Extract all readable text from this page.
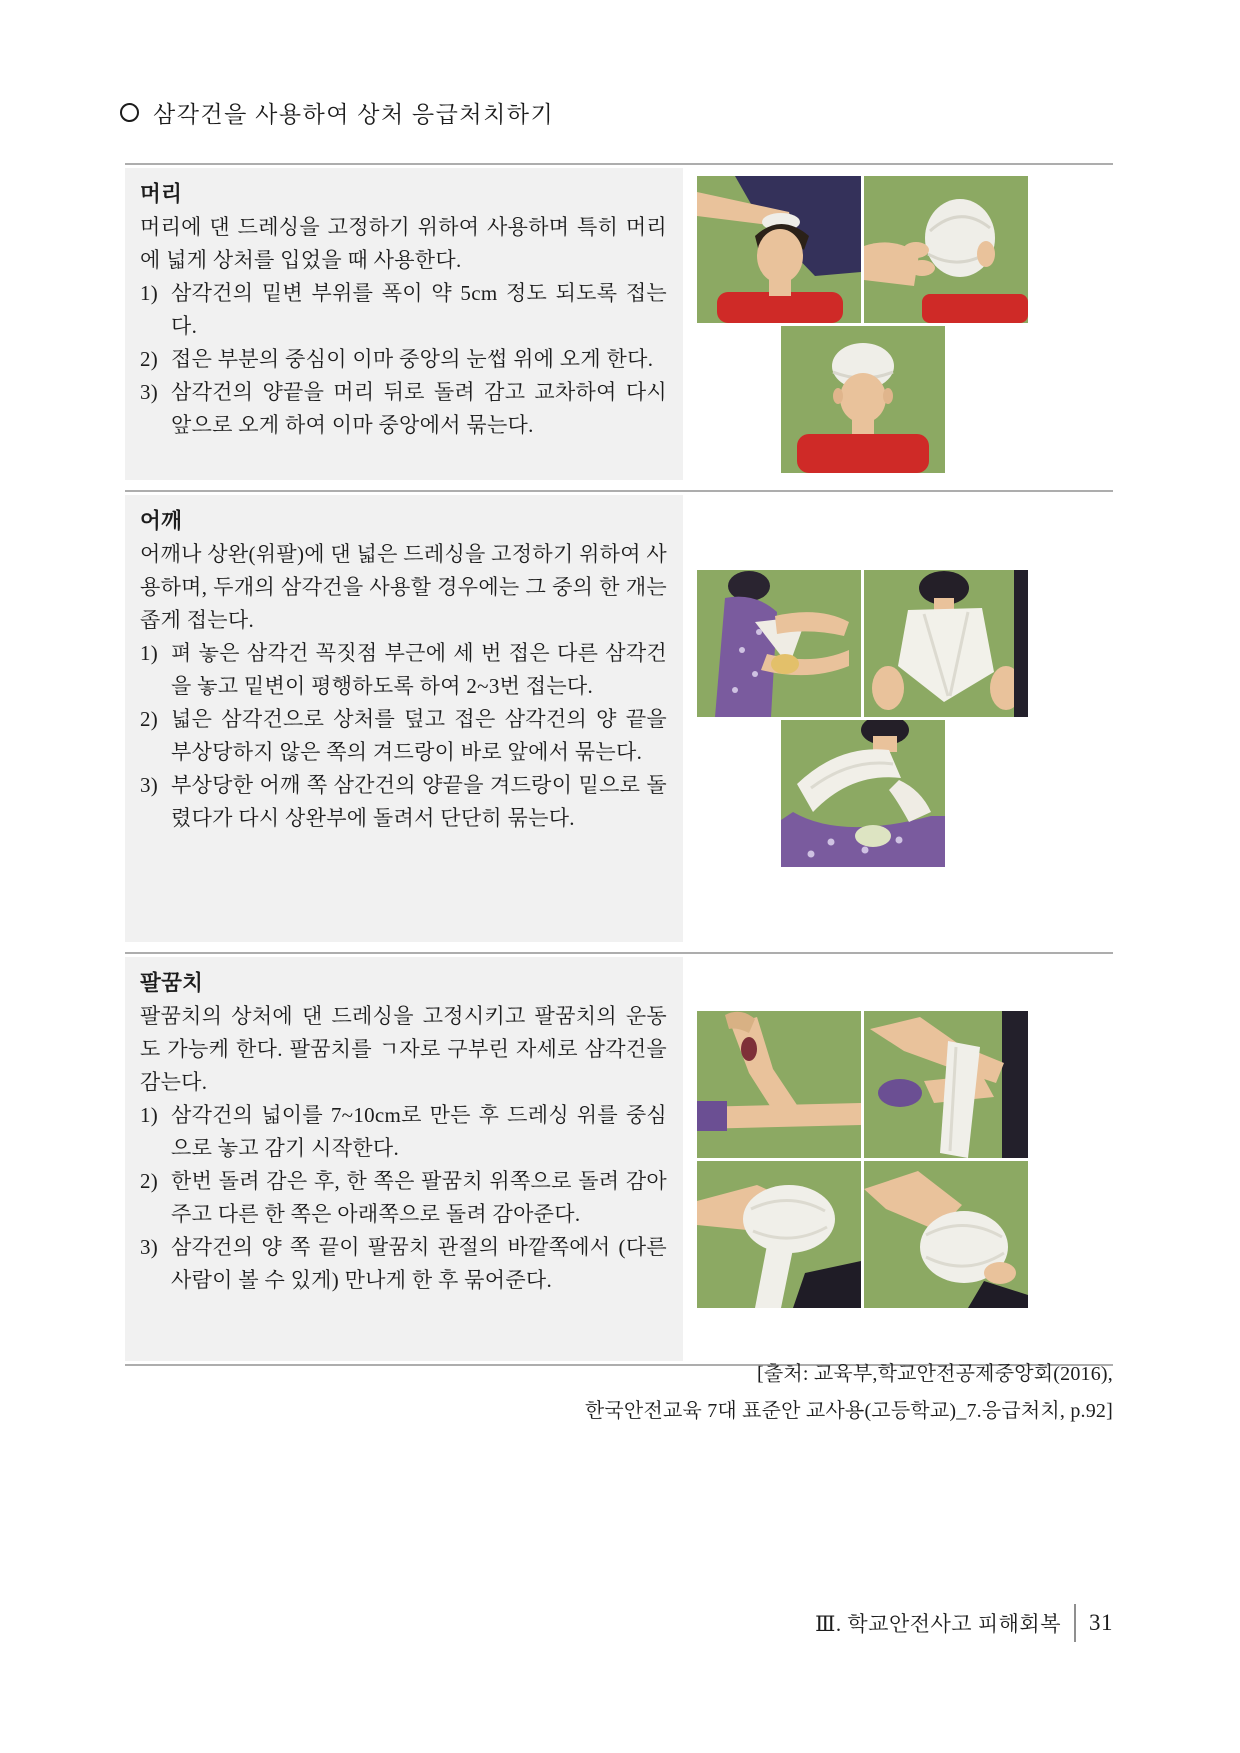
삼각건을 사용하여 상처 응급처치하기
머리

머리에 댄 드레싱을 고정하기 위하여 사용하며 특히 머리에 넓게 상처를 입었을 때 사용한다.

1) 삼각건의 밑변 부위를 폭이 약 5cm 정도 되도록 접는다.
2) 접은 부분의 중심이 이마 중앙의 눈썹 위에 오게 한다.
3) 삼각건의 양끝을 머리 뒤로 돌려 감고 교차하여 다시 앞으로 오게 하여 이마 중앙에서 묶는다.
어깨

어깨나 상완(위팔)에 댄 넓은 드레싱을 고정하기 위하여 사용하며, 두개의 삼각건을 사용할 경우에는 그 중의 한 개는 좁게 접는다.

1) 펴 놓은 삼각건 꼭짓점 부근에 세 번 접은 다른 삼각건을 놓고 밑변이 평행하도록 하여 2~3번 접는다.
2) 넓은 삼각건으로 상처를 덮고 접은 삼각건의 양 끝을 부상당하지 않은 쪽의 겨드랑이 바로 앞에서 묶는다.
3) 부상당한 어깨 쪽 삼간건의 양끝을 겨드랑이 밑으로 돌렸다가 다시 상완부에 돌려서 단단히 묶는다.
팔꿈치

팔꿈치의 상처에 댄 드레싱을 고정시키고 팔꿈치의 운동도 가능케 한다. 팔꿈치를 ㄱ자로 구부린 자세로 삼각건을 감는다.

1) 삼각건의 넓이를 7~10cm로 만든 후 드레싱 위를 중심으로 놓고 감기 시작한다.
2) 한번 돌려 감은 후, 한 쪽은 팔꿈치 위쪽으로 돌려 감아 주고 다른 한 쪽은 아래쪽으로 돌려 감아준다.
3) 삼각건의 양 쪽 끝이 팔꿈치 관절의 바깥쪽에서 (다른 사람이 볼 수 있게) 만나게 한 후 묶어준다.
[출처: 교육부,학교안전공제중앙회(2016),
한국안전교육 7대 표준안 교사용(고등학교)_7.응급처치, p.92]
Ⅲ. 학교안전사고 피해회복 31
